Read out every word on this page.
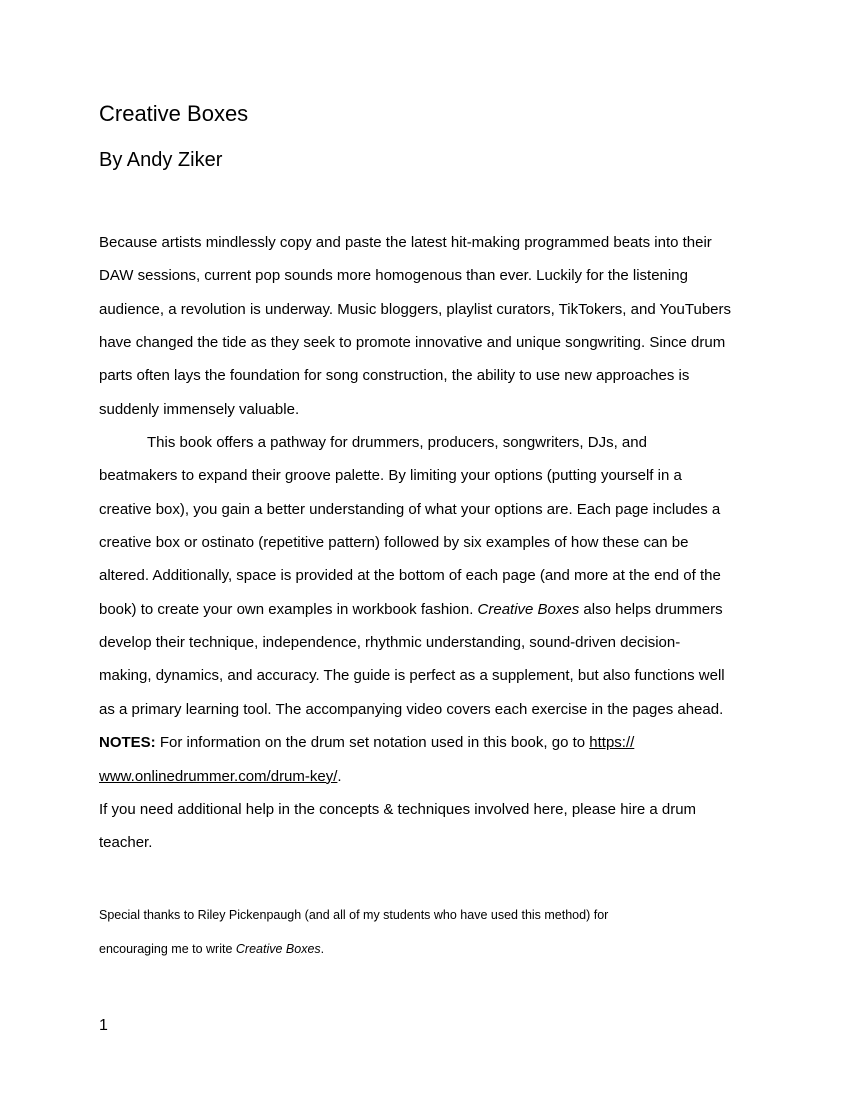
Creative Boxes
By Andy Ziker
Because artists mindlessly copy and paste the latest hit-making programmed beats into their
DAW sessions, current pop sounds more homogenous than ever. Luckily for the listening
audience, a revolution is underway. Music bloggers, playlist curators, TikTokers, and YouTubers
have changed the tide as they seek to promote innovative and unique songwriting. Since drum
parts often lays the foundation for song construction, the ability to use new approaches is
suddenly immensely valuable.
This book offers a pathway for drummers, producers, songwriters, DJs, and
beatmakers to expand their groove palette. By limiting your options (putting yourself in a
creative box), you gain a better understanding of what your options are. Each page includes a
creative box or ostinato (repetitive pattern) followed by six examples of how these can be
altered. Additionally, space is provided at the bottom of each page (and more at the end of the
book) to create your own examples in workbook fashion. Creative Boxes also helps drummers
develop their technique, independence, rhythmic understanding, sound-driven decision-
making, dynamics, and accuracy. The guide is perfect as a supplement, but also functions well
as a primary learning tool. The accompanying video covers each exercise in the pages ahead.
NOTES: For information on the drum set notation used in this book, go to https://
www.onlinedrummer.com/drum-key/.
If you need additional help in the concepts & techniques involved here, please hire a drum
teacher.
Special thanks to Riley Pickenpaugh (and all of my students who have used this method) for
encouraging me to write Creative Boxes.
1
